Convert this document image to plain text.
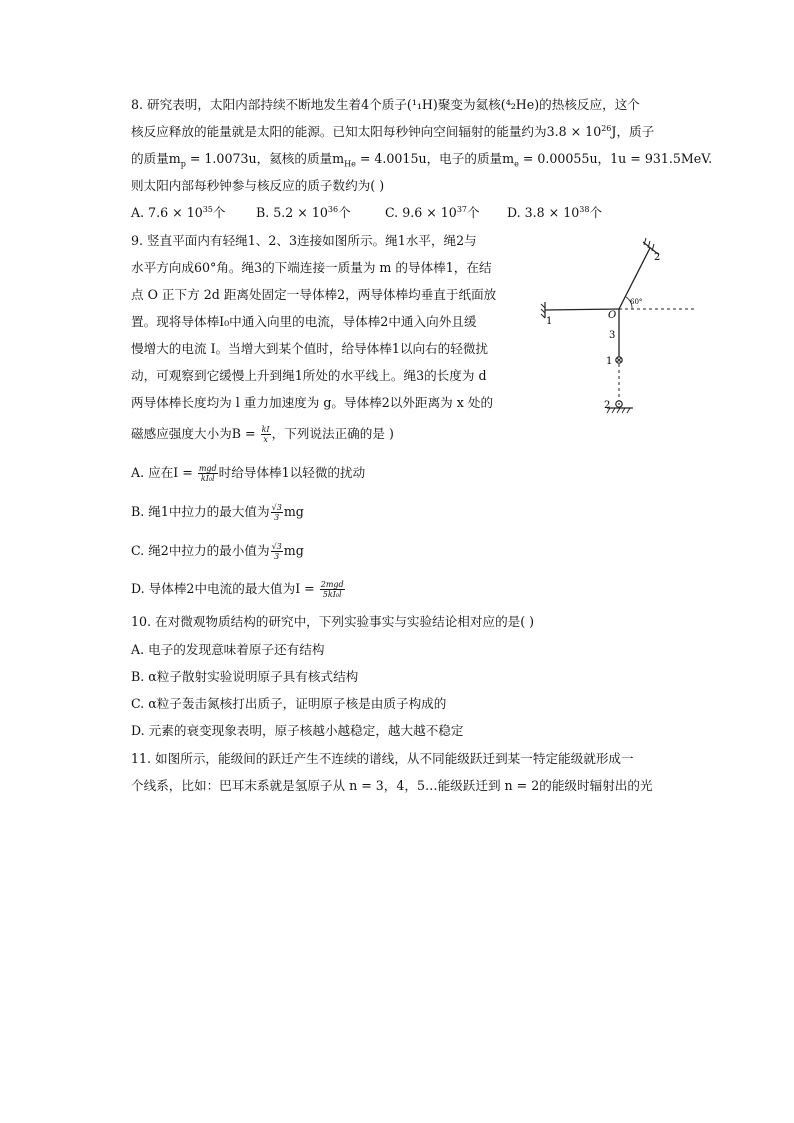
8. 研究表明，太阳内部持续不断地发生着4个质子(¹₁H)聚变为氦核(⁴₂He)的热核反应，这个
核反应释放的能量就是太阳的能源。已知太阳每秒钟向空间辐射的能量约为$3.8 \times 10^{26}J$，质子
的质量$m_p = 1.0073u$，氦核的质量$m_{He} = 4.0015u$，电子的质量$m_e = 0.00055u$，1u = 931.5MeV.
则太阳内部每秒钟参与核反应的质子数约为( )
A. $7.6 \times 10^{35}$个 B. $5.2 \times 10^{36}$个	C. $9.6 \times 10^{37}$个 D. $3.8 \times 10^{38}$个
9. 竖直平面内有轻绳1、2、3连接如图所示。绳1水平，绳2与
水平方向成60°角。绳3的下端连接一质量为 m 的导体棒1，在结
点 O 正下方 2d 距离处固定一导体棒2，两导体棒均垂直于纸面放
置。现将导体棒I₀中通入向里的电流，导体棒2中通入向外且缓
慢增大的电流 I。当增大到某个值时，给导体棒1以向右的轻微扰
动，可观察到它缓慢上升到绳1所处的水平线上。绳3的长度为 d
两导体棒长度均为 l 重力加速度为 g。导体棒2以外距离为 x 处的
磁感应强度大小为$B = \frac{kI}{x}$ ，下列说法正确的是 )
A. 应在$I = \frac{\text{mgd}}{\text{kI₀l}}$ 时给导体棒1以轻微的扰动
B. 绳1中拉力的最大值为 $\frac{√3}{3}$ mg
C. 绳2中拉力的最小值为 $\frac{√3}{3}$ mg
D. 导体棒2中电流的最大值为$I = \frac{\text{2mgd}}{\text{5kI₀l}}$
2
60°
1
O
3
1
2
10. 在对微观物质结构的研究中，下列实验事实与实验结论相对应的是( )
A. 电子的发现意味着原子还有结构
B. α粒子散射实验说明原子具有核式结构
C. α粒子轰击氮核打出质子，证明原子核是由质子构成的
D. 元素的衰变现象表明，原子核越小越稳定，越大越不稳定
11. 如图所示，能级间的跃迁产生不连续的谱线，从不同能级跃迁到某一特定能级就形成一
个线系，比如：巴耳末系就是氢原子从 n = 3，4，5…能级跃迁到 n = 2的能级时辐射出的光
